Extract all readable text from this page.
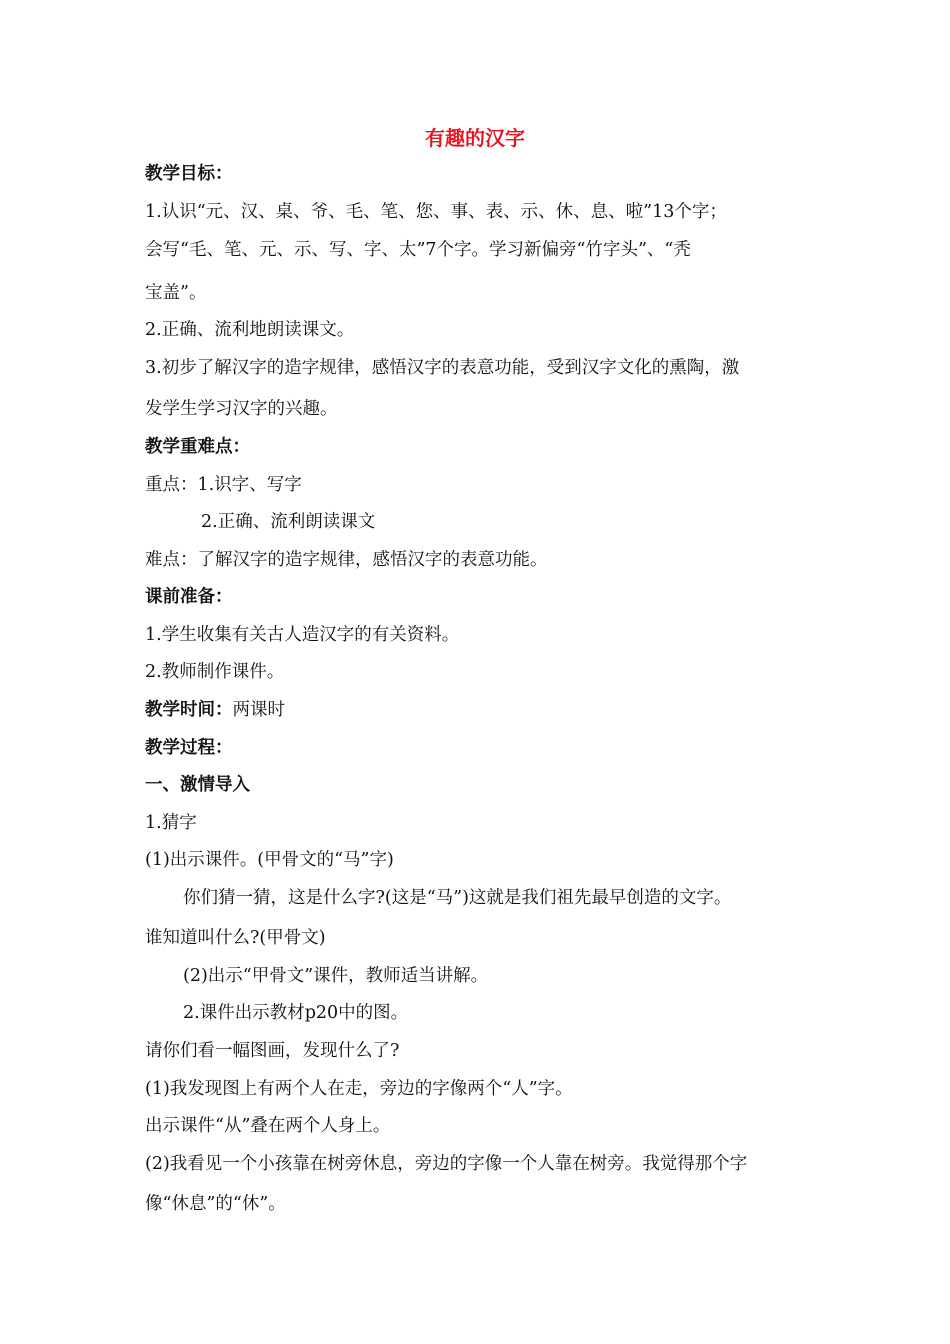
有趣的汉字

教学目标：

1.认识“元、汉、桌、爷、毛、笔、您、事、表、示、休、息、啦”13个字；

会写“毛、笔、元、示、写、字、太”7个字。学习新偏旁“竹字头”、“秃

宝盖”。

2.正确、流利地朗读课文。

3.初步了解汉字的造字规律，感悟汉字的表意功能，受到汉字文化的熏陶，激

发学生学习汉字的兴趣。

教学重难点：

重点：1.识字、写字

2.正确、流利朗读课文

难点：了解汉字的造字规律，感悟汉字的表意功能。

课前准备：

1.学生收集有关古人造汉字的有关资料。

2.教师制作课件。

教学时间：两课时

教学过程：

一、激情导入

1.猜字

(1)出示课件。(甲骨文的“马”字)

你们猜一猜，这是什么字?(这是“马”)这就是我们祖先最早创造的文字。

谁知道叫什么?(甲骨文)

(2)出示“甲骨文”课件，教师适当讲解。

2.课件出示教材p20中的图。

请你们看一幅图画，发现什么了?

(1)我发现图上有两个人在走，旁边的字像两个“人”字。

出示课件“从”叠在两个人身上。

(2)我看见一个小孩靠在树旁休息，旁边的字像一个人靠在树旁。我觉得那个字

像“休息”的“休”。
